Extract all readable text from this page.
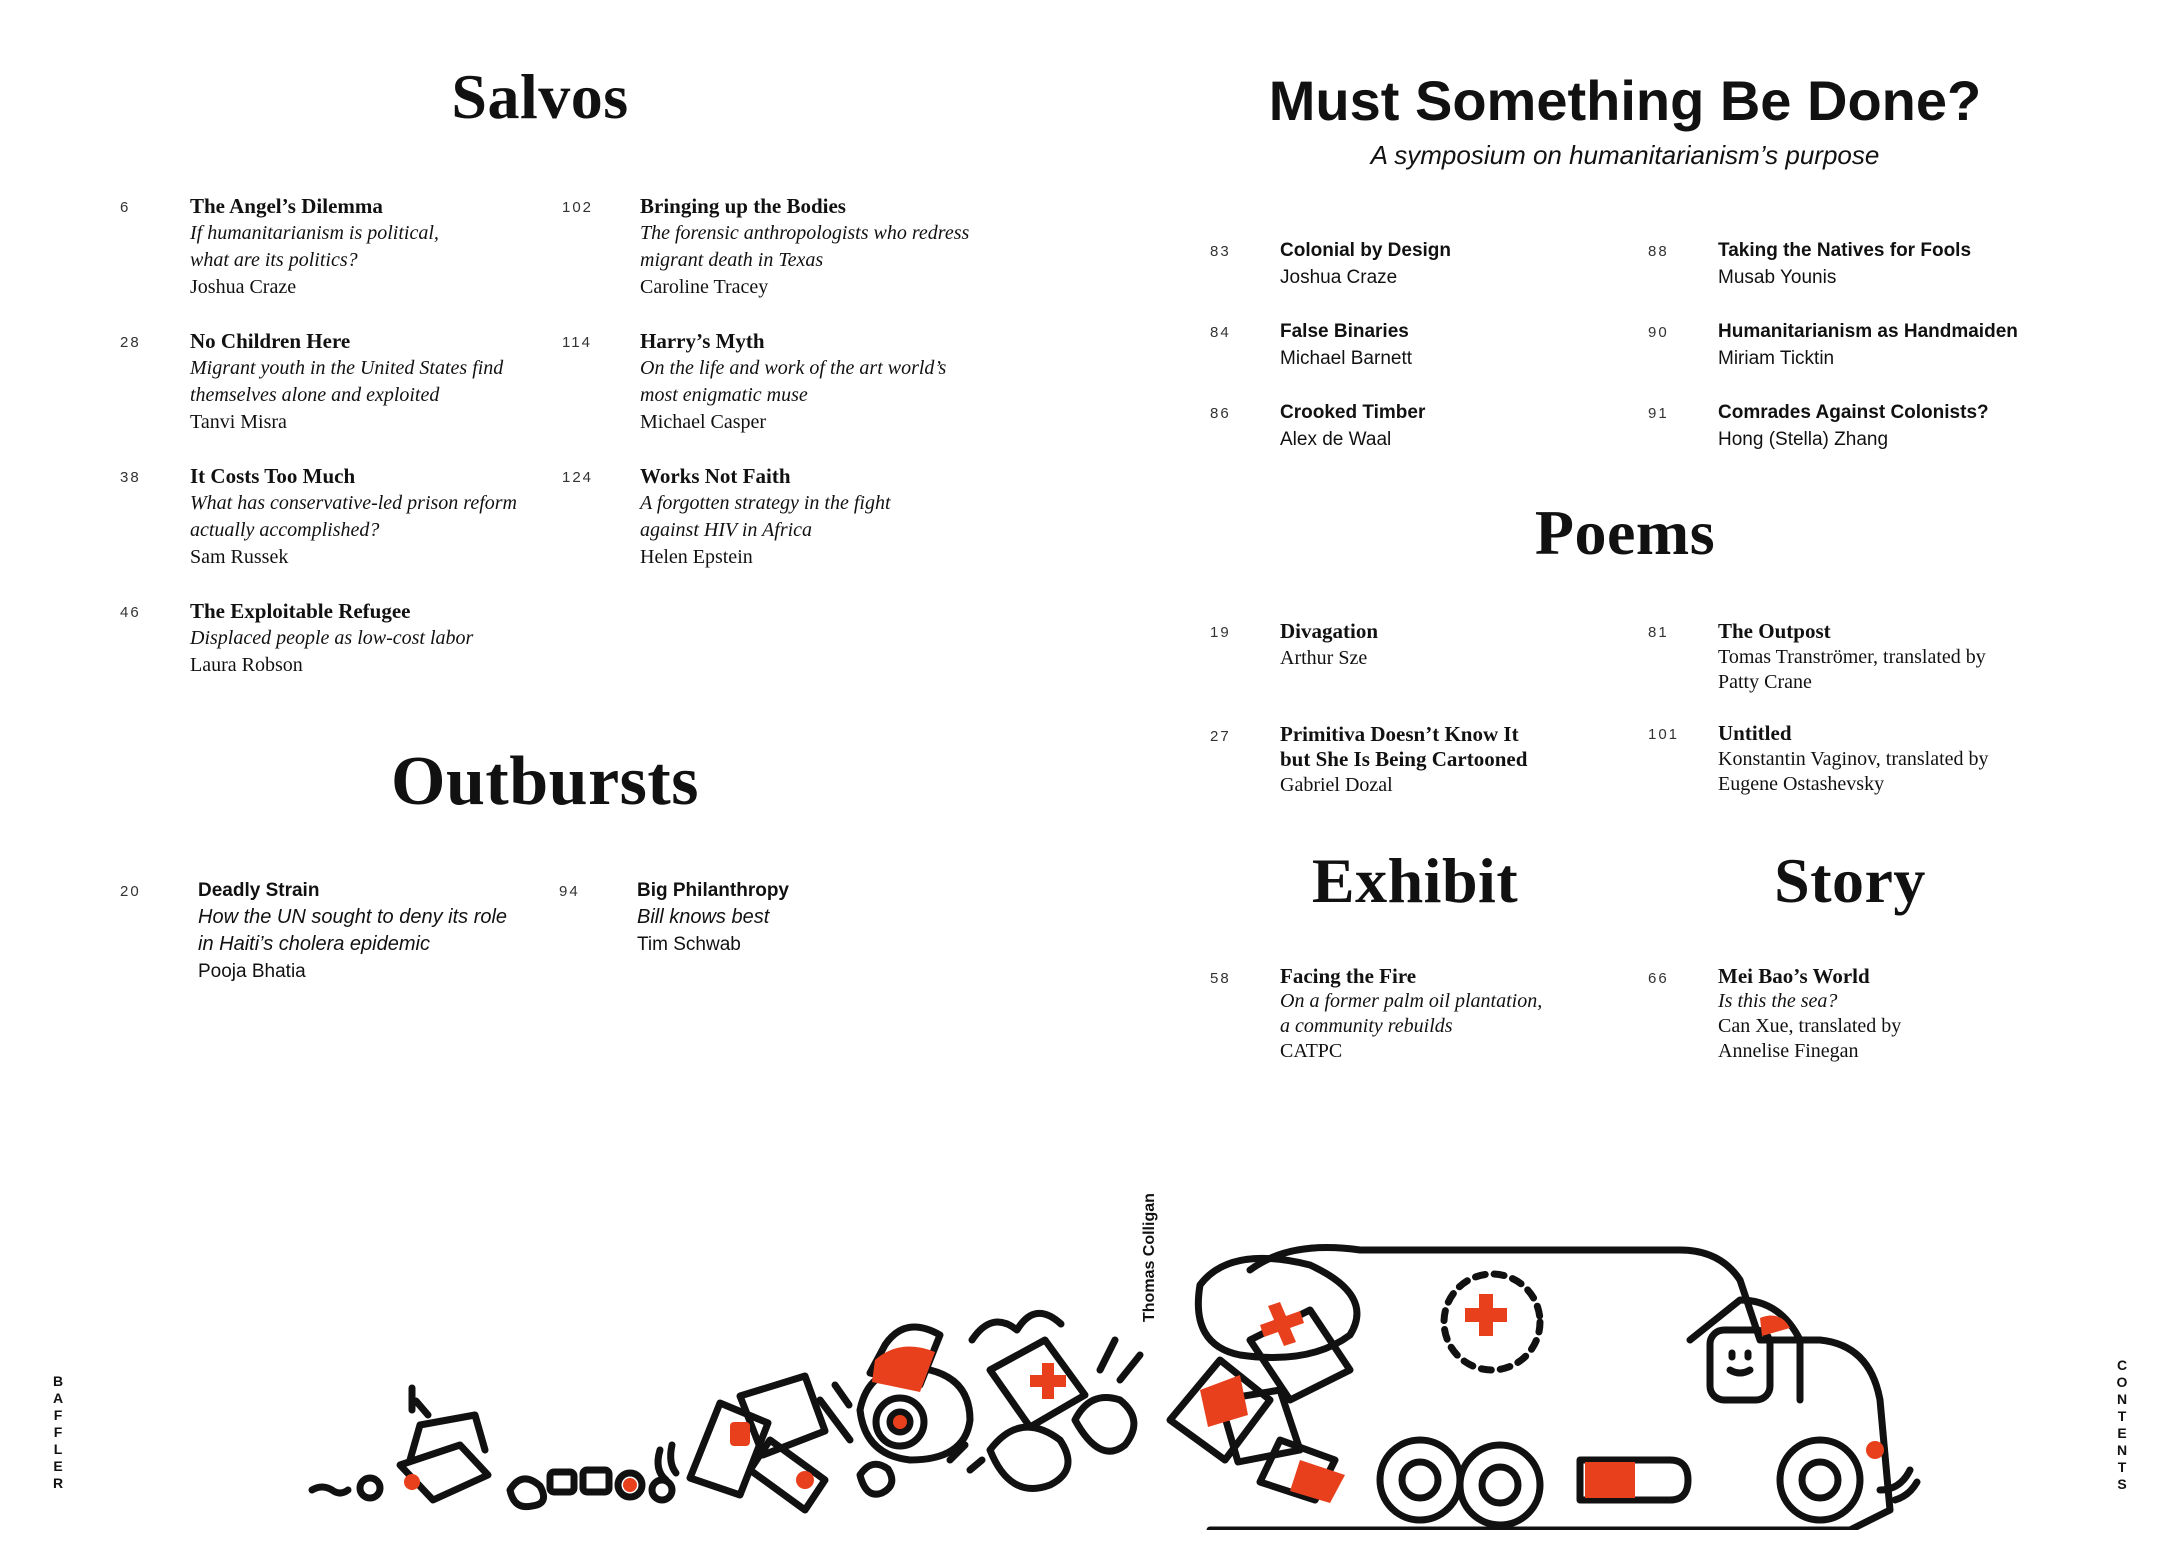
Salvos
6	The Angel’s Dilemma
If humanitarianism is political,
what are its politics?
Joshua Craze
28 No Children Here
Migrant youth in the United States find
themselves alone and exploited
Tanvi Misra
38 It Costs Too Much
What has conservative-led prison reform
actually accomplished?
Sam Russek
46 The Exploitable Refugee
Displaced people as low-cost labor
Laura Robson
102 Bringing up the Bodies
The forensic anthropologists who redress
migrant death in Texas
Caroline Tracey
114 Harry’s Myth
On the life and work of the art world’s
most enigmatic muse
Michael Casper
124 Works Not Faith
A forgotten strategy in the fight
against HIV in Africa
Helen Epstein
Outbursts
20	Deadly Strain
How the UN sought to deny its role
in Haiti’s cholera epidemic
Pooja Bhatia
94	Big Philanthropy
Bill knows best
Tim Schwab
Must Something Be Done?
A symposium on humanitarianism’s purpose
83	Colonial by Design
Joshua Craze
84	False Binaries
Michael Barnett
86	Crooked Timber
Alex de Waal
88	Taking the Natives for Fools
Musab Younis
90	Humanitarianism as Handmaiden
Miriam Ticktin
91	Comrades Against Colonists?
Hong (Stella) Zhang
Poems
19 Divagation
Arthur Sze
27 Primitiva Doesn’t Know It
but She Is Being Cartooned
Gabriel Dozal
81 The Outpost
Tomas Tranströmer, translated by
Patty Crane
101 Untitled
Konstantin Vaginov, translated by
Eugene Ostashevsky
Exhibit	Story
58 Facing the Fire
On a former palm oil plantation,
a community rebuilds
CATPC
66 Mei Bao’s World
Is this the sea?
Can Xue, translated by
Annelise Finegan
B
A
F
F
L
E
R
C
O
N
T
E
N
T
S
Thomas Colligan
